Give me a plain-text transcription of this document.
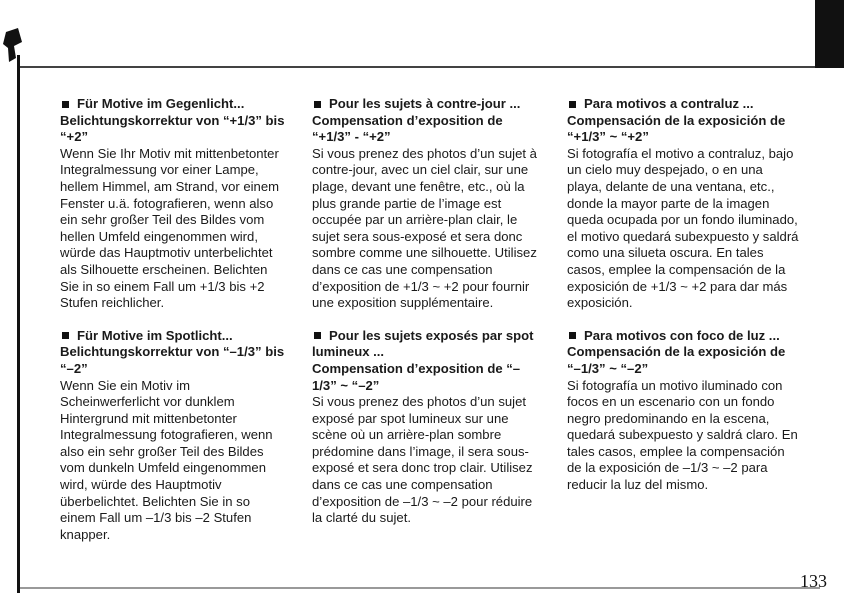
Für Motive im Gegenlicht...
Belichtungskorrektur von “+1/3” bis “+2”
Wenn Sie Ihr Motiv mit mittenbetonter Integralmessung vor einer Lampe, hellem Himmel, am Strand, vor einem Fenster u.ä. fotografieren, wenn also ein sehr großer Teil des Bildes vom hellen Umfeld eingenommen wird, würde das Hauptmotiv unterbelichtet als Silhouette erscheinen. Belichten Sie in so einem Fall um +1/3 bis +2 Stufen reichlicher.
Für Motive im Spotlicht...
Belichtungskorrektur von “–1/3” bis “–2”
Wenn Sie ein Motiv im Scheinwerferlicht vor dunklem Hintergrund mit mittenbetonter Integralmessung fotografieren, wenn also ein sehr großer Teil des Bildes vom dunkeln Umfeld eingenommen wird, würde des Hauptmotiv überbelichtet. Belichten Sie in so einem Fall um –1/3 bis –2 Stufen knapper.
Pour les sujets à contre-jour ...
Compensation d’exposition de “+1/3” - “+2”
Si vous prenez des photos d’un sujet à contre-jour, avec un ciel clair, sur une plage, devant une fenêtre, etc., où la plus grande partie de l’image est occupée par un arrière-plan clair, le sujet sera sous-exposé et sera donc sombre comme une silhouette. Utilisez dans ce cas une compensation d’exposition de +1/3 ~ +2 pour fournir une exposition supplémentaire.
Pour les sujets exposés par spot lumineux ...
Compensation d’exposition de “–1/3” ~ “–2”
Si vous prenez des photos d’un sujet exposé par spot lumineux sur une scène où un arrière-plan sombre prédomine dans l’image, il sera sous-exposé et sera donc trop clair. Utilisez dans ce cas une compensation d’exposition de –1/3 ~ –2 pour réduire la clarté du sujet.
Para motivos a contraluz ...
Compensación de la exposición de “+1/3” ~ “+2”
Si fotografía el motivo a contraluz, bajo un cielo muy despejado, o en una playa, delante de una ventana, etc., donde la mayor parte de la imagen queda ocupada por un fondo iluminado, el motivo quedará subexpuesto y saldrá como una silueta oscura. En tales casos, emplee la compensación de la exposición de +1/3 ~ +2 para dar más exposición.
Para motivos con foco de luz ...
Compensación de la exposición de “–1/3” ~ “–2”
Si fotografía un motivo iluminado con focos en un escenario con un fondo negro predominando en la escena, quedará subexpuesto y saldrá claro. En tales casos, emplee la compensación de la exposición de –1/3 ~ –2 para reducir la luz del mismo.
133
